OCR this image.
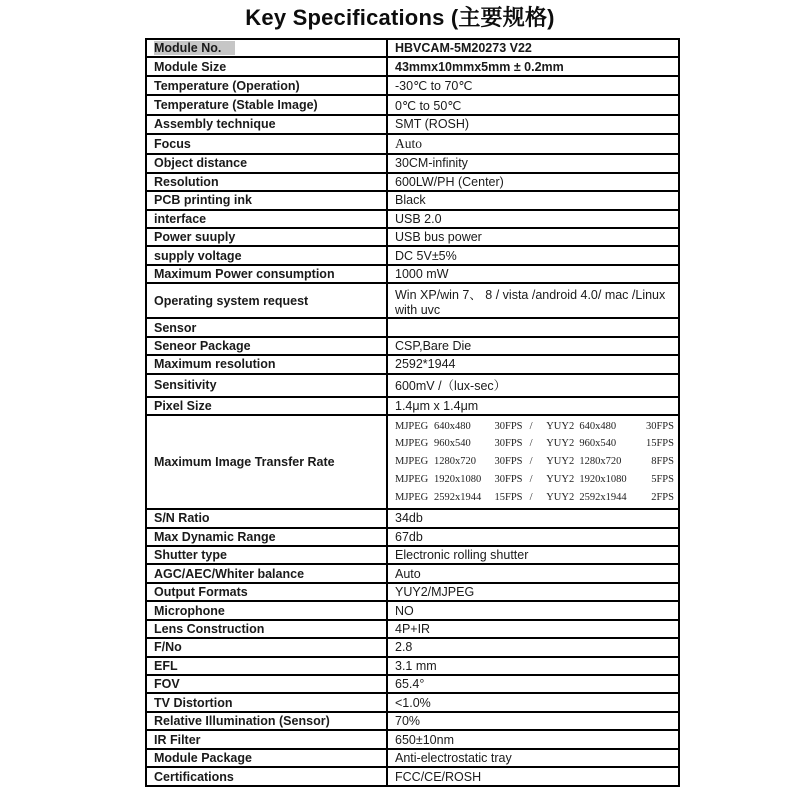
Key Specifications (主要规格)
Module No.	HBVCAM-5M20273 V22
Module Size	43mmx10mmx5mm ± 0.2mm
Temperature (Operation)	-30℃ to 70℃
Temperature (Stable Image)	0℃ to 50℃
Assembly technique	SMT (ROSH)
Focus	Auto
Object distance	30CM-infinity
Resolution	600LW/PH (Center)
PCB printing ink	Black
interface	USB 2.0
Power suuply	USB bus power
supply voltage	DC 5V±5%
Maximum Power consumption	1000 mW
Operating system request	Win XP/win 7、 8 / vista /android 4.0/ mac /Linux with uvc
Sensor	
Seneor Package	CSP,Bare Die
Maximum resolution	2592*1944
Sensitivity	600mV /（lux-sec）
Pixel Size	1.4μm x 1.4μm
Maximum Image Transfer Rate	
MJPEG 640x480	30FPS /	YUY2 640x480	30FPS
MJPEG 960x540	30FPS /	YUY2 960x540	15FPS
MJPEG 1280x720	30FPS /	YUY2 1280x720	8FPS
MJPEG 1920x1080	30FPS /	YUY2 1920x1080	5FPS
MJPEG 2592x1944	15FPS /	YUY2 2592x1944	2FPS

S/N Ratio	34db
Max Dynamic Range	67db
Shutter type	Electronic rolling shutter
AGC/AEC/Whiter balance	Auto
Output Formats	YUY2/MJPEG
Microphone	NO
Lens Construction	4P+IR
F/No	2.8
EFL	3.1 mm
FOV	65.4°
TV Distortion	<1.0%
Relative Illumination (Sensor)	70%
IR Filter	650±10nm
Module Package	Anti-electrostatic tray
Certifications	FCC/CE/ROSH
